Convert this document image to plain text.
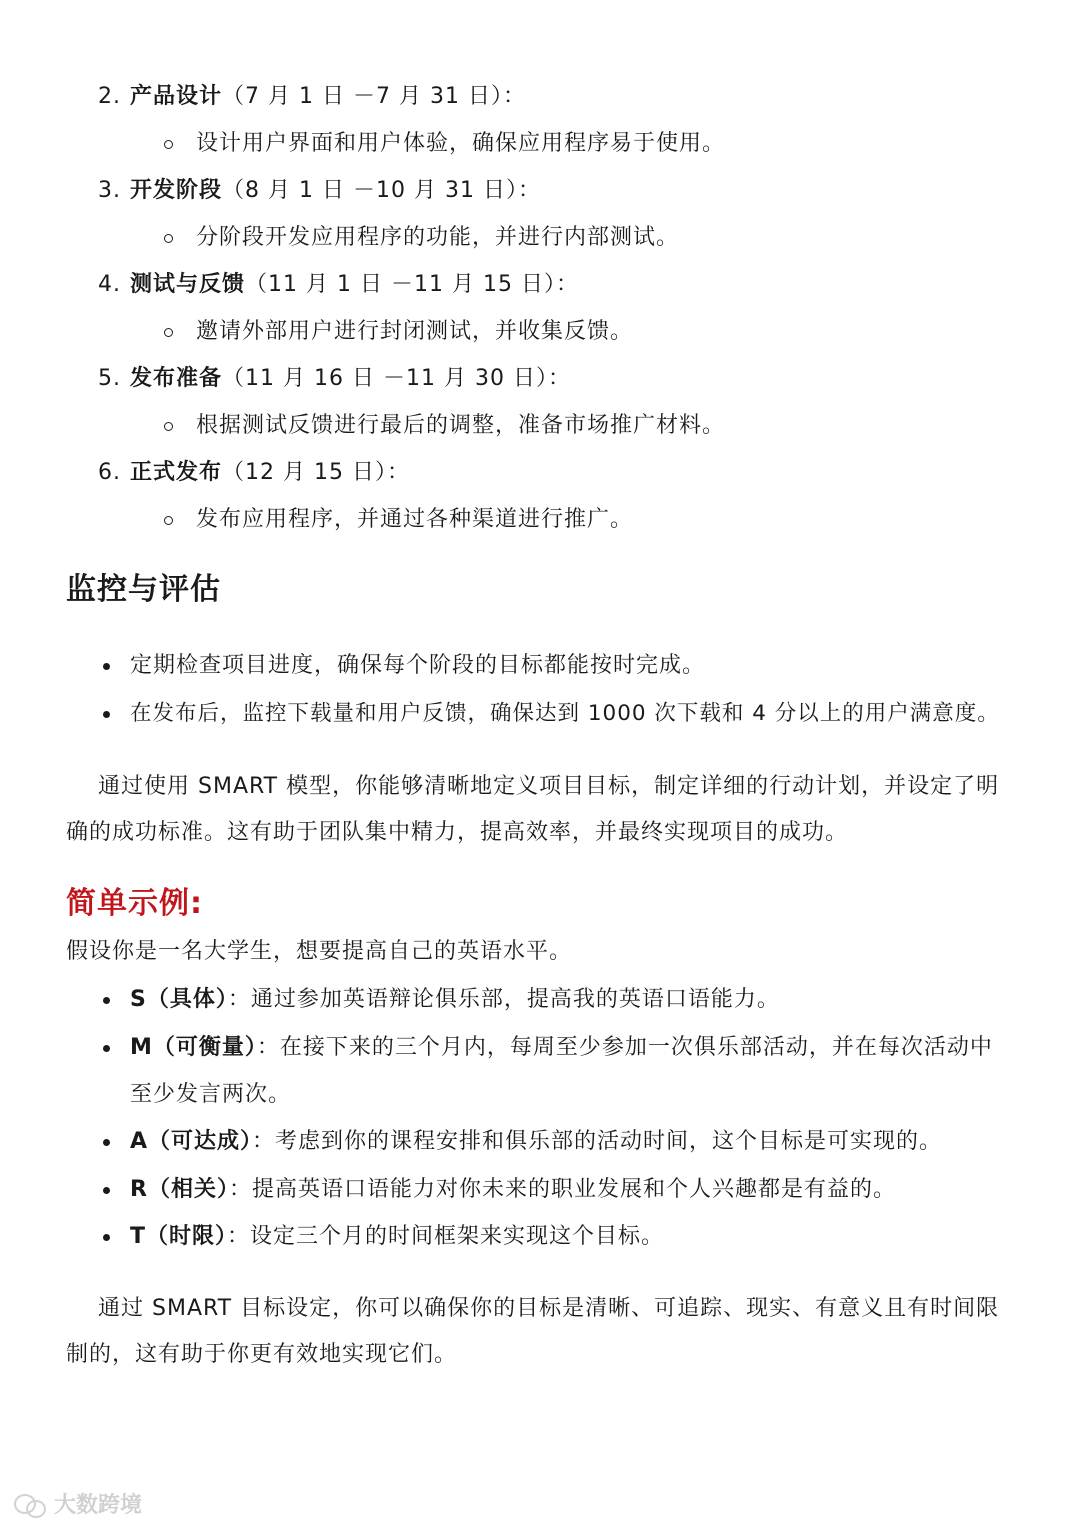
2. 产品设计（7 月 1 日 －7 月 31 日）：
设计用户界面和用户体验，确保应用程序易于使用。
3. 开发阶段（8 月 1 日 －10 月 31 日）：
分阶段开发应用程序的功能，并进行内部测试。
4. 测试与反馈（11 月 1 日 －11 月 15 日）：
邀请外部用户进行封闭测试，并收集反馈。
5. 发布准备（11 月 16 日 －11 月 30 日）：
根据测试反馈进行最后的调整，准备市场推广材料。
6. 正式发布（12 月 15 日）：
发布应用程序，并通过各种渠道进行推广。
监控与评估
定期检查项目进度，确保每个阶段的目标都能按时完成。
在发布后，监控下载量和用户反馈，确保达到 1000 次下载和 4 分以上的用户满意度。
通过使用 SMART 模型，你能够清晰地定义项目目标，制定详细的行动计划，并设定了明
确的成功标准。这有助于团队集中精力，提高效率，并最终实现项目的成功。
简单示例:
假设你是一名大学生，想要提高自己的英语水平。
S（具体）：通过参加英语辩论俱乐部，提高我的英语口语能力。
M（可衡量）：在接下来的三个月内，每周至少参加一次俱乐部活动，并在每次活动中
至少发言两次。
A（可达成）：考虑到你的课程安排和俱乐部的活动时间，这个目标是可实现的。
R（相关）：提高英语口语能力对你未来的职业发展和个人兴趣都是有益的。
T（时限）：设定三个月的时间框架来实现这个目标。
通过 SMART 目标设定，你可以确保你的目标是清晰、可追踪、现实、有意义且有时间限
制的，这有助于你更有效地实现它们。
大数跨境
